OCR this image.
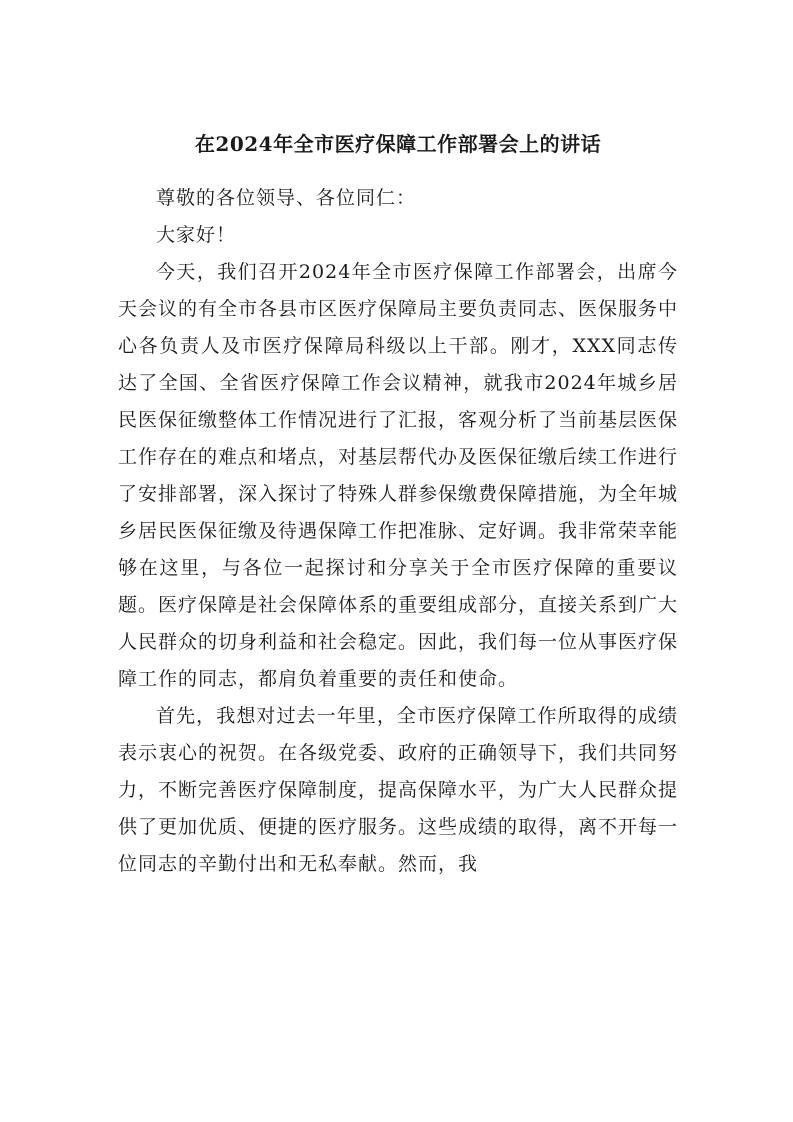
在2024年全市医疗保障工作部署会上的讲话

尊敬的各位领导、各位同仁：

大家好！

今天，我们召开2024年全市医疗保障工作部署会，出席今天会议的有全市各县市区医疗保障局主要负责同志、医保服务中心各负责人及市医疗保障局科级以上干部。刚才，XXX同志传达了全国、全省医疗保障工作会议精神，就我市2024年城乡居民医保征缴整体工作情况进行了汇报，客观分析了当前基层医保工作存在的难点和堵点，对基层帮代办及医保征缴后续工作进行了安排部署，深入探讨了特殊人群参保缴费保障措施，为全年城乡居民医保征缴及待遇保障工作把准脉、定好调。我非常荣幸能够在这里，与各位一起探讨和分享关于全市医疗保障的重要议题。医疗保障是社会保障体系的重要组成部分，直接关系到广大人民群众的切身利益和社会稳定。因此，我们每一位从事医疗保障工作的同志，都肩负着重要的责任和使命。

首先，我想对过去一年里，全市医疗保障工作所取得的成绩表示衷心的祝贺。在各级党委、政府的正确领导下，我们共同努力，不断完善医疗保障制度，提高保障水平，为广大人民群众提供了更加优质、便捷的医疗服务。这些成绩的取得，离不开每一位同志的辛勤付出和无私奉献。然而，我
